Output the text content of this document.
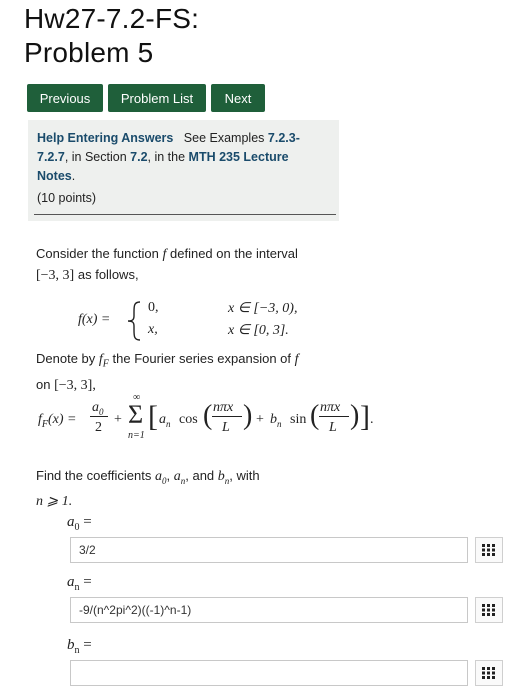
Hw27-7.2-FS:
Problem 5
Previous	Problem List	Next
Help Entering Answers See Examples 7.2.3-7.2.7, in Section 7.2, in the MTH 235 Lecture Notes.
(10 points)
Consider the function f defined on the interval
[−3, 3] as follows,
f(x) =
0,	x ∈ [−3, 0),
x,	x ∈ [0, 3].
Denote by $f_F$ the Fourier series expansion of f
on [−3, 3],
$f_F(x)$ =
$a_0$
2
+
∞
Σ
n=1
[ $a_n$ cos ( nπx
L ) + $b_n$ sin ( nπx
L ) ] .
Find the coefficients $a_0$, $a_n$, and $b_n$, with
n ⩾ 1.
$a_0$ =
3/2
$a_n$ =
-9/(n^2pi^2)((-1)^n-1)
$b_n$ =
